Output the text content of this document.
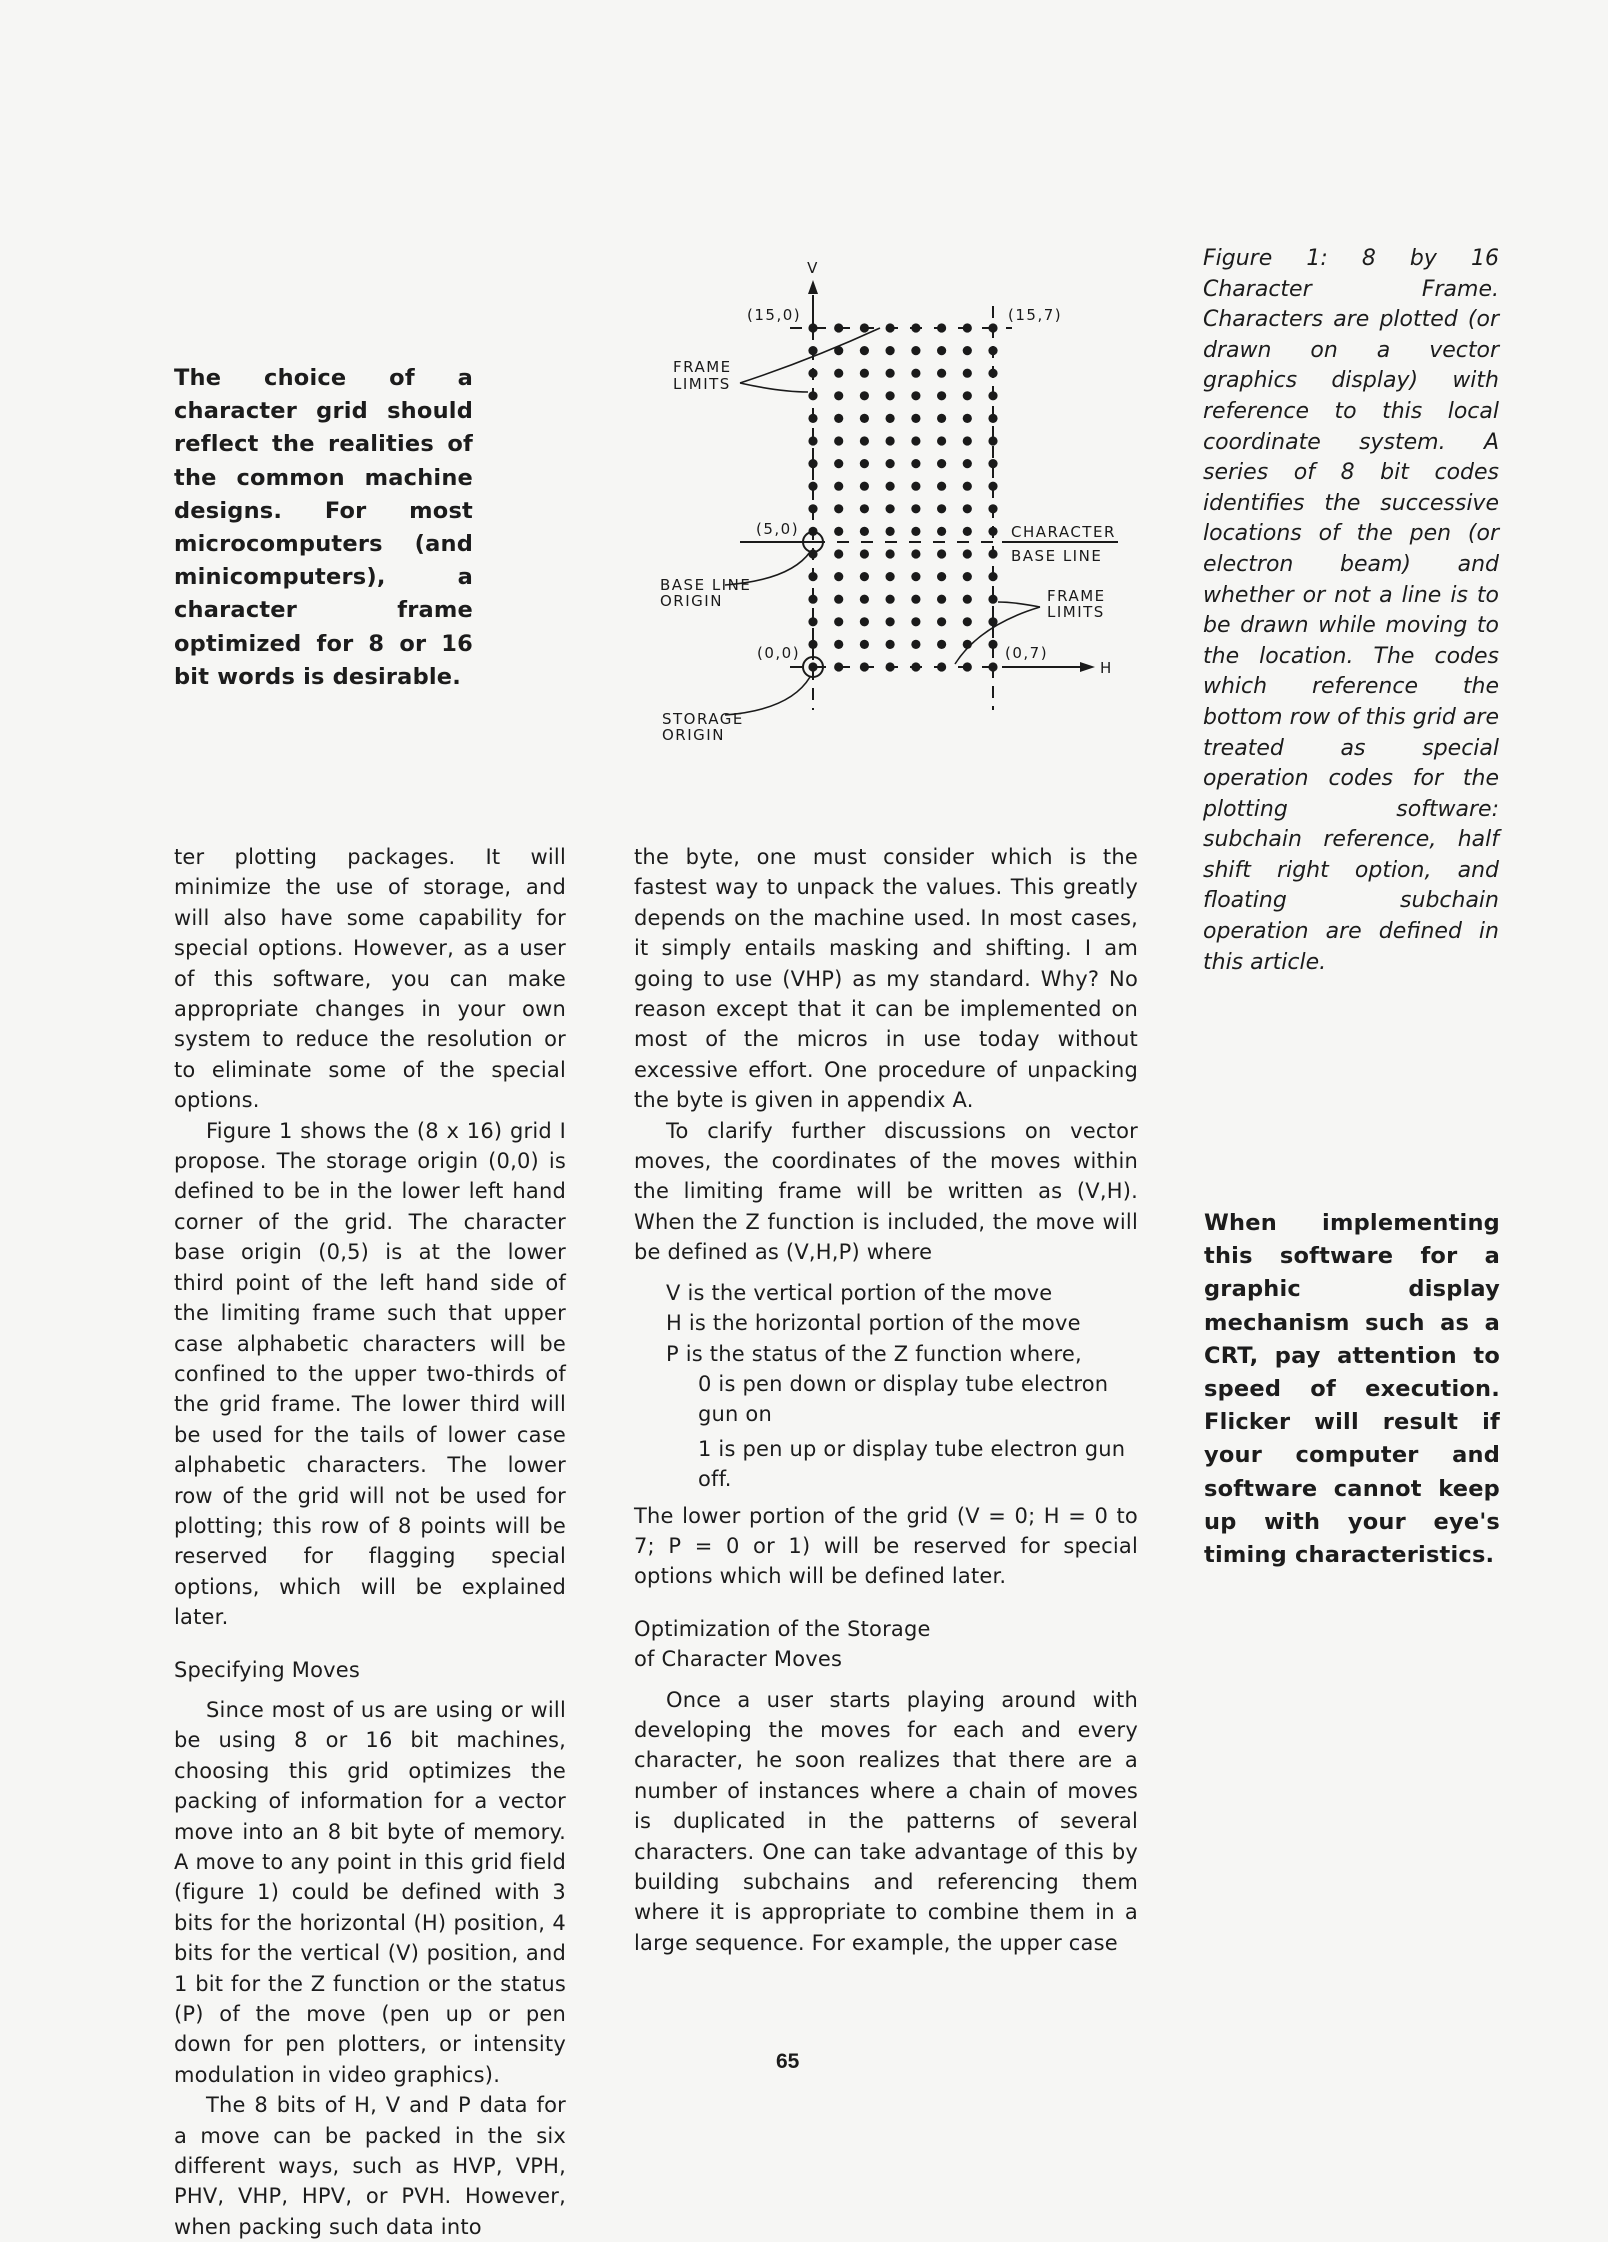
The choice of a character grid should reflect the realities of the common machine designs. For most microcomputers (and minicomputers), a character frame optimized for 8 or 16 bit words is desirable.
V
(15,0)	(15,7)
FRAME
LIMITS
(5,0)	CHARACTER
BASE LINE
BASE LINE
ORIGIN	FRAME
LIMITS
(0,0)	(0,7)
H
STORAGE
ORIGIN
Figure 1: 8 by 16 Character Frame. Characters are plotted (or drawn on a vector graphics display) with reference to this local coordinate system. A series of 8 bit codes identifies the successive locations of the pen (or electron beam) and whether or not a line is to be drawn while moving to the location. The codes which reference the bottom row of this grid are treated as special operation codes for the plotting software: subchain reference, half shift right option, and floating subchain operation are defined in this article.

ter plotting packages. It will minimize the use of storage, and will also have some capability for special options. However, as a user of this software, you can make appropriate changes in your own system to reduce the resolution or to eliminate some of the special options.

Figure 1 shows the (8 x 16) grid I propose. The storage origin (0,0) is defined to be in the lower left hand corner of the grid. The character base origin (0,5) is at the lower third point of the left hand side of the limiting frame such that upper case alphabetic characters will be confined to the upper two-thirds of the grid frame. The lower third will be used for the tails of lower case alphabetic characters. The lower row of the grid will not be used for plotting; this row of 8 points will be reserved for flagging special options, which will be explained later.

Specifying Moves

Since most of us are using or will be using 8 or 16 bit machines, choosing this grid optimizes the packing of information for a vector move into an 8 bit byte of memory. A move to any point in this grid field (figure 1) could be defined with 3 bits for the horizontal (H) position, 4 bits for the vertical (V) position, and 1 bit for the Z function or the status (P) of the move (pen up or pen down for pen plotters, or intensity modulation in video graphics).

The 8 bits of H, V and P data for a move can be packed in the six different ways, such as HVP, VPH, PHV, VHP, HPV, or PVH. However, when packing such data into

the byte, one must consider which is the fastest way to unpack the values. This greatly depends on the machine used. In most cases, it simply entails masking and shifting. I am going to use (VHP) as my standard. Why? No reason except that it can be implemented on most of the micros in use today without excessive effort. One procedure of unpacking the byte is given in appendix A.

To clarify further discussions on vector moves, the coordinates of the moves within the limiting frame will be written as (V,H). When the Z function is included, the move will be defined as (V,H,P) where

V is the vertical portion of the move
H is the horizontal portion of the move
P is the status of the Z function where,
0 is pen down or display tube electron gun on
1 is pen up or display tube electron gun off.

The lower portion of the grid (V = 0; H = 0 to 7; P = 0 or 1) will be reserved for special options which will be defined later.

Optimization of the Storage
of Character Moves

Once a user starts playing around with developing the moves for each and every character, he soon realizes that there are a number of instances where a chain of moves is duplicated in the patterns of several characters. One can take advantage of this by building subchains and referencing them where it is appropriate to combine them in a large sequence. For example, the upper case

When implementing this software for a graphic display mechanism such as a CRT, pay attention to speed of execution. Flicker will result if your computer and software cannot keep up with your eye's timing characteristics.
65
